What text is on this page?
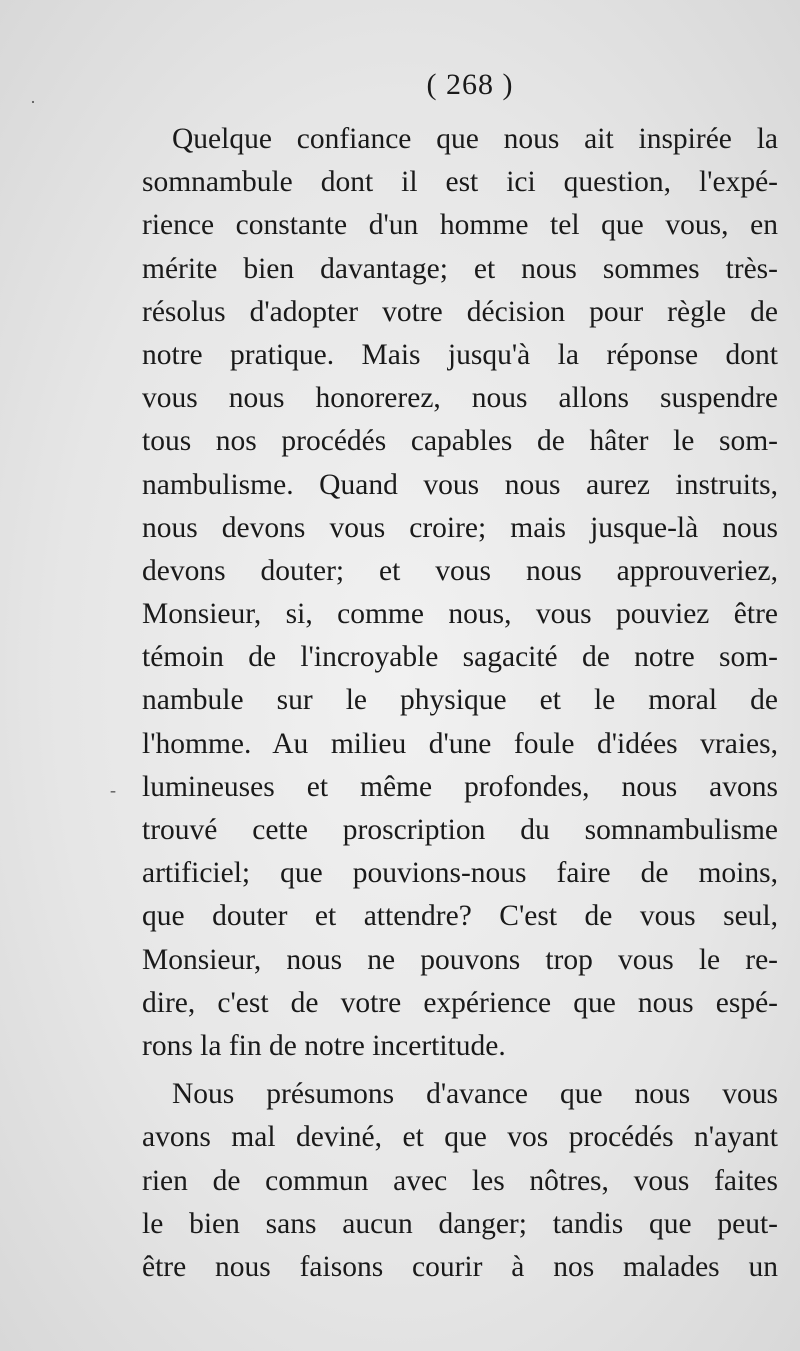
( 268 )
·
-
Quelque confiance que nous ait inspirée la
somnambule dont il est ici question, l'expé-
rience constante d'un homme tel que vous, en
mérite bien davantage; et nous sommes très-
résolus d'adopter votre décision pour règle de
notre pratique. Mais jusqu'à la réponse dont
vous nous honorerez, nous allons suspendre
tous nos procédés capables de hâter le som-
nambulisme. Quand vous nous aurez instruits,
nous devons vous croire; mais jusque-là nous
devons douter; et vous nous approuveriez,
Monsieur, si, comme nous, vous pouviez être
témoin de l'incroyable sagacité de notre som-
nambule sur le physique et le moral de
l'homme. Au milieu d'une foule d'idées vraies,
lumineuses et même profondes, nous avons
trouvé cette proscription du somnambulisme
artificiel; que pouvions-nous faire de moins,
que douter et attendre? C'est de vous seul,
Monsieur, nous ne pouvons trop vous le re-
dire, c'est de votre expérience que nous espé-
rons la fin de notre incertitude.
Nous présumons d'avance que nous vous
avons mal deviné, et que vos procédés n'ayant
rien de commun avec les nôtres, vous faites
le bien sans aucun danger; tandis que peut-
être nous faisons courir à nos malades un
